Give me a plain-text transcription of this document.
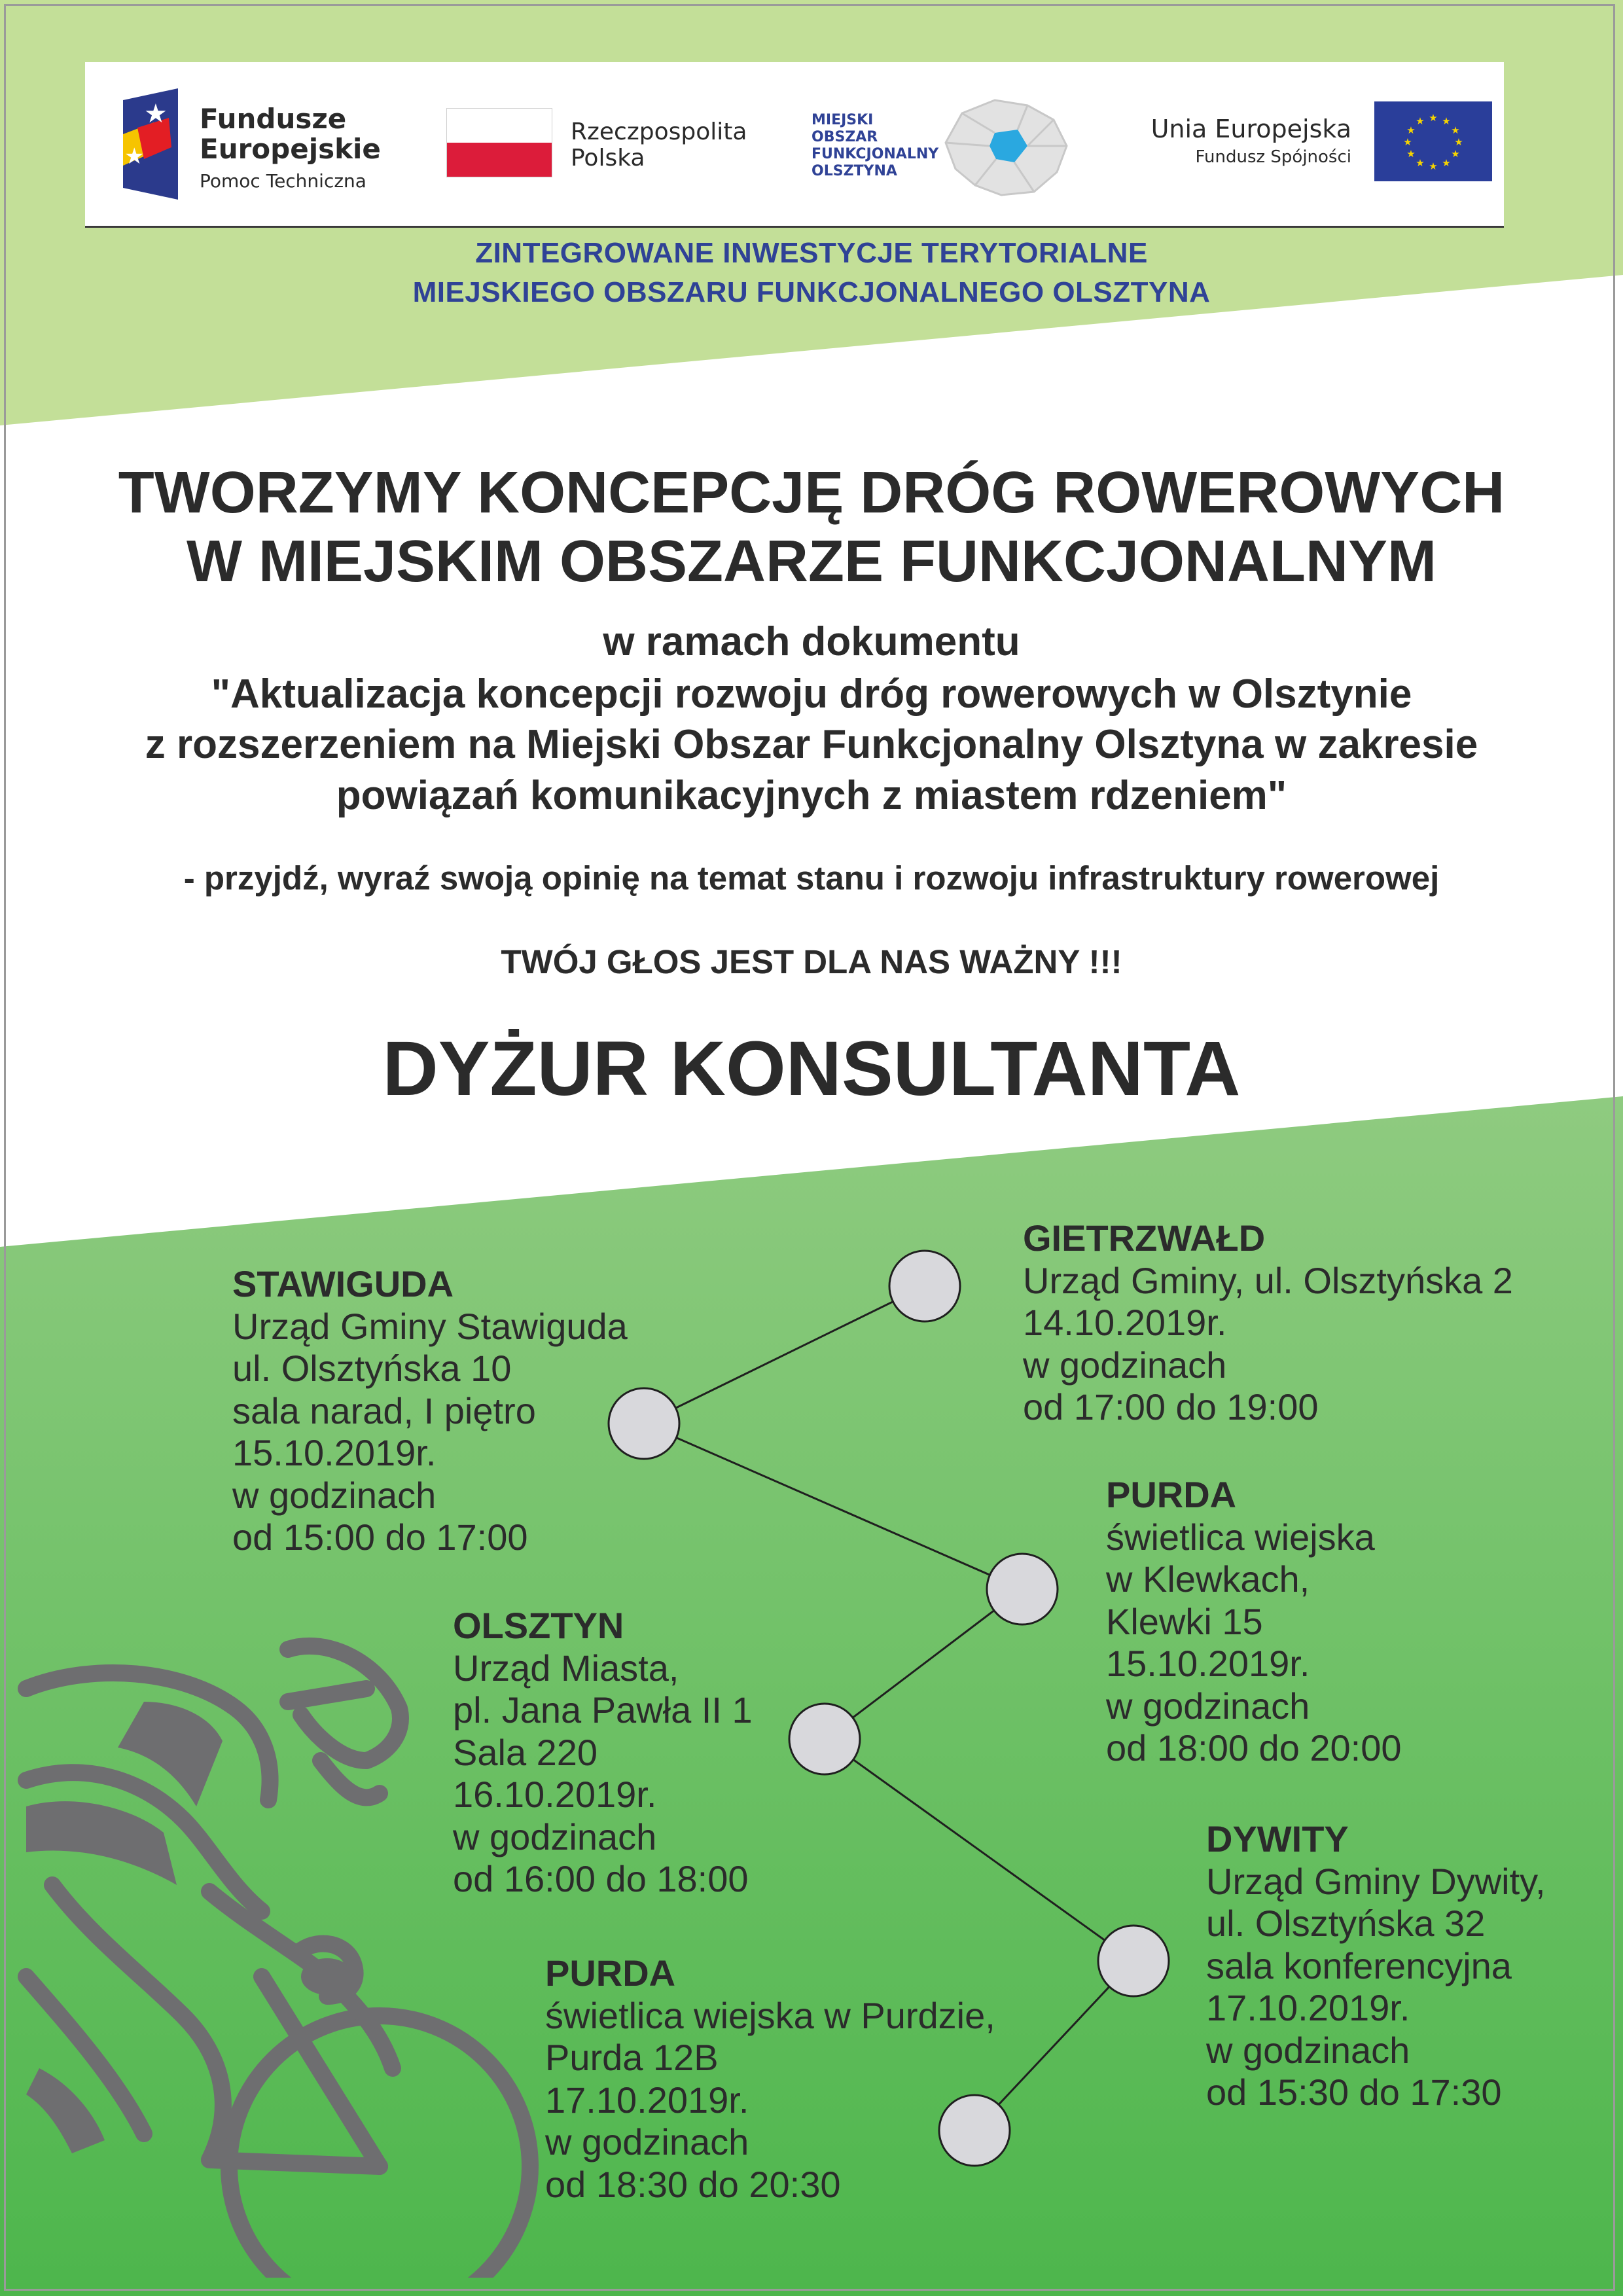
★
★
Fundusze
Europejskie
Pomoc Techniczna
Rzeczpospolita
Polska
MIEJSKI
OBSZAR
FUNKCJONALNY
OLSZTYNA
Unia Europejska
Fundusz Spójności
★ ★
★
★
★
★
★
★
★
★
★
★
ZINTEGROWANE INWESTYCJE TERYTORIALNE
MIEJSKIEGO OBSZARU FUNKCJONALNEGO OLSZTYNA
TWORZYMY KONCEPCJĘ DRÓG ROWEROWYCH
W MIEJSKIM OBSZARZE FUNKCJONALNYM
w ramach dokumentu
"Aktualizacja koncepcji rozwoju dróg rowerowych w Olsztynie
z rozszerzeniem na Miejski Obszar Funkcjonalny Olsztyna w zakresie
powiązań komunikacyjnych z miastem rdzeniem"
- przyjdź, wyraź swoją opinię na temat stanu i rozwoju infrastruktury rowerowej
TWÓJ GŁOS JEST DLA NAS WAŻNY !!!
DYŻUR KONSULTANTA
STAWIGUDA
Urząd Gminy Stawiguda
ul. Olsztyńska 10
sala narad, I piętro
15.10.2019r.
w godzinach
od 15:00 do 17:00
GIETRZWAŁD
Urząd Gminy, ul. Olsztyńska 2
14.10.2019r.
w godzinach
od 17:00 do 19:00
PURDA
świetlica wiejska
w Klewkach,
Klewki 15
15.10.2019r.
w godzinach
od 18:00 do 20:00
OLSZTYN
Urząd Miasta,
pl. Jana Pawła II 1
Sala 220
16.10.2019r.
w godzinach
od 16:00 do 18:00
DYWITY
Urząd Gminy Dywity,
ul. Olsztyńska 32
sala konferencyjna
17.10.2019r.
w godzinach
od 15:30 do 17:30
PURDA
świetlica wiejska w Purdzie,
Purda 12B
17.10.2019r.
w godzinach
od 18:30 do 20:30
